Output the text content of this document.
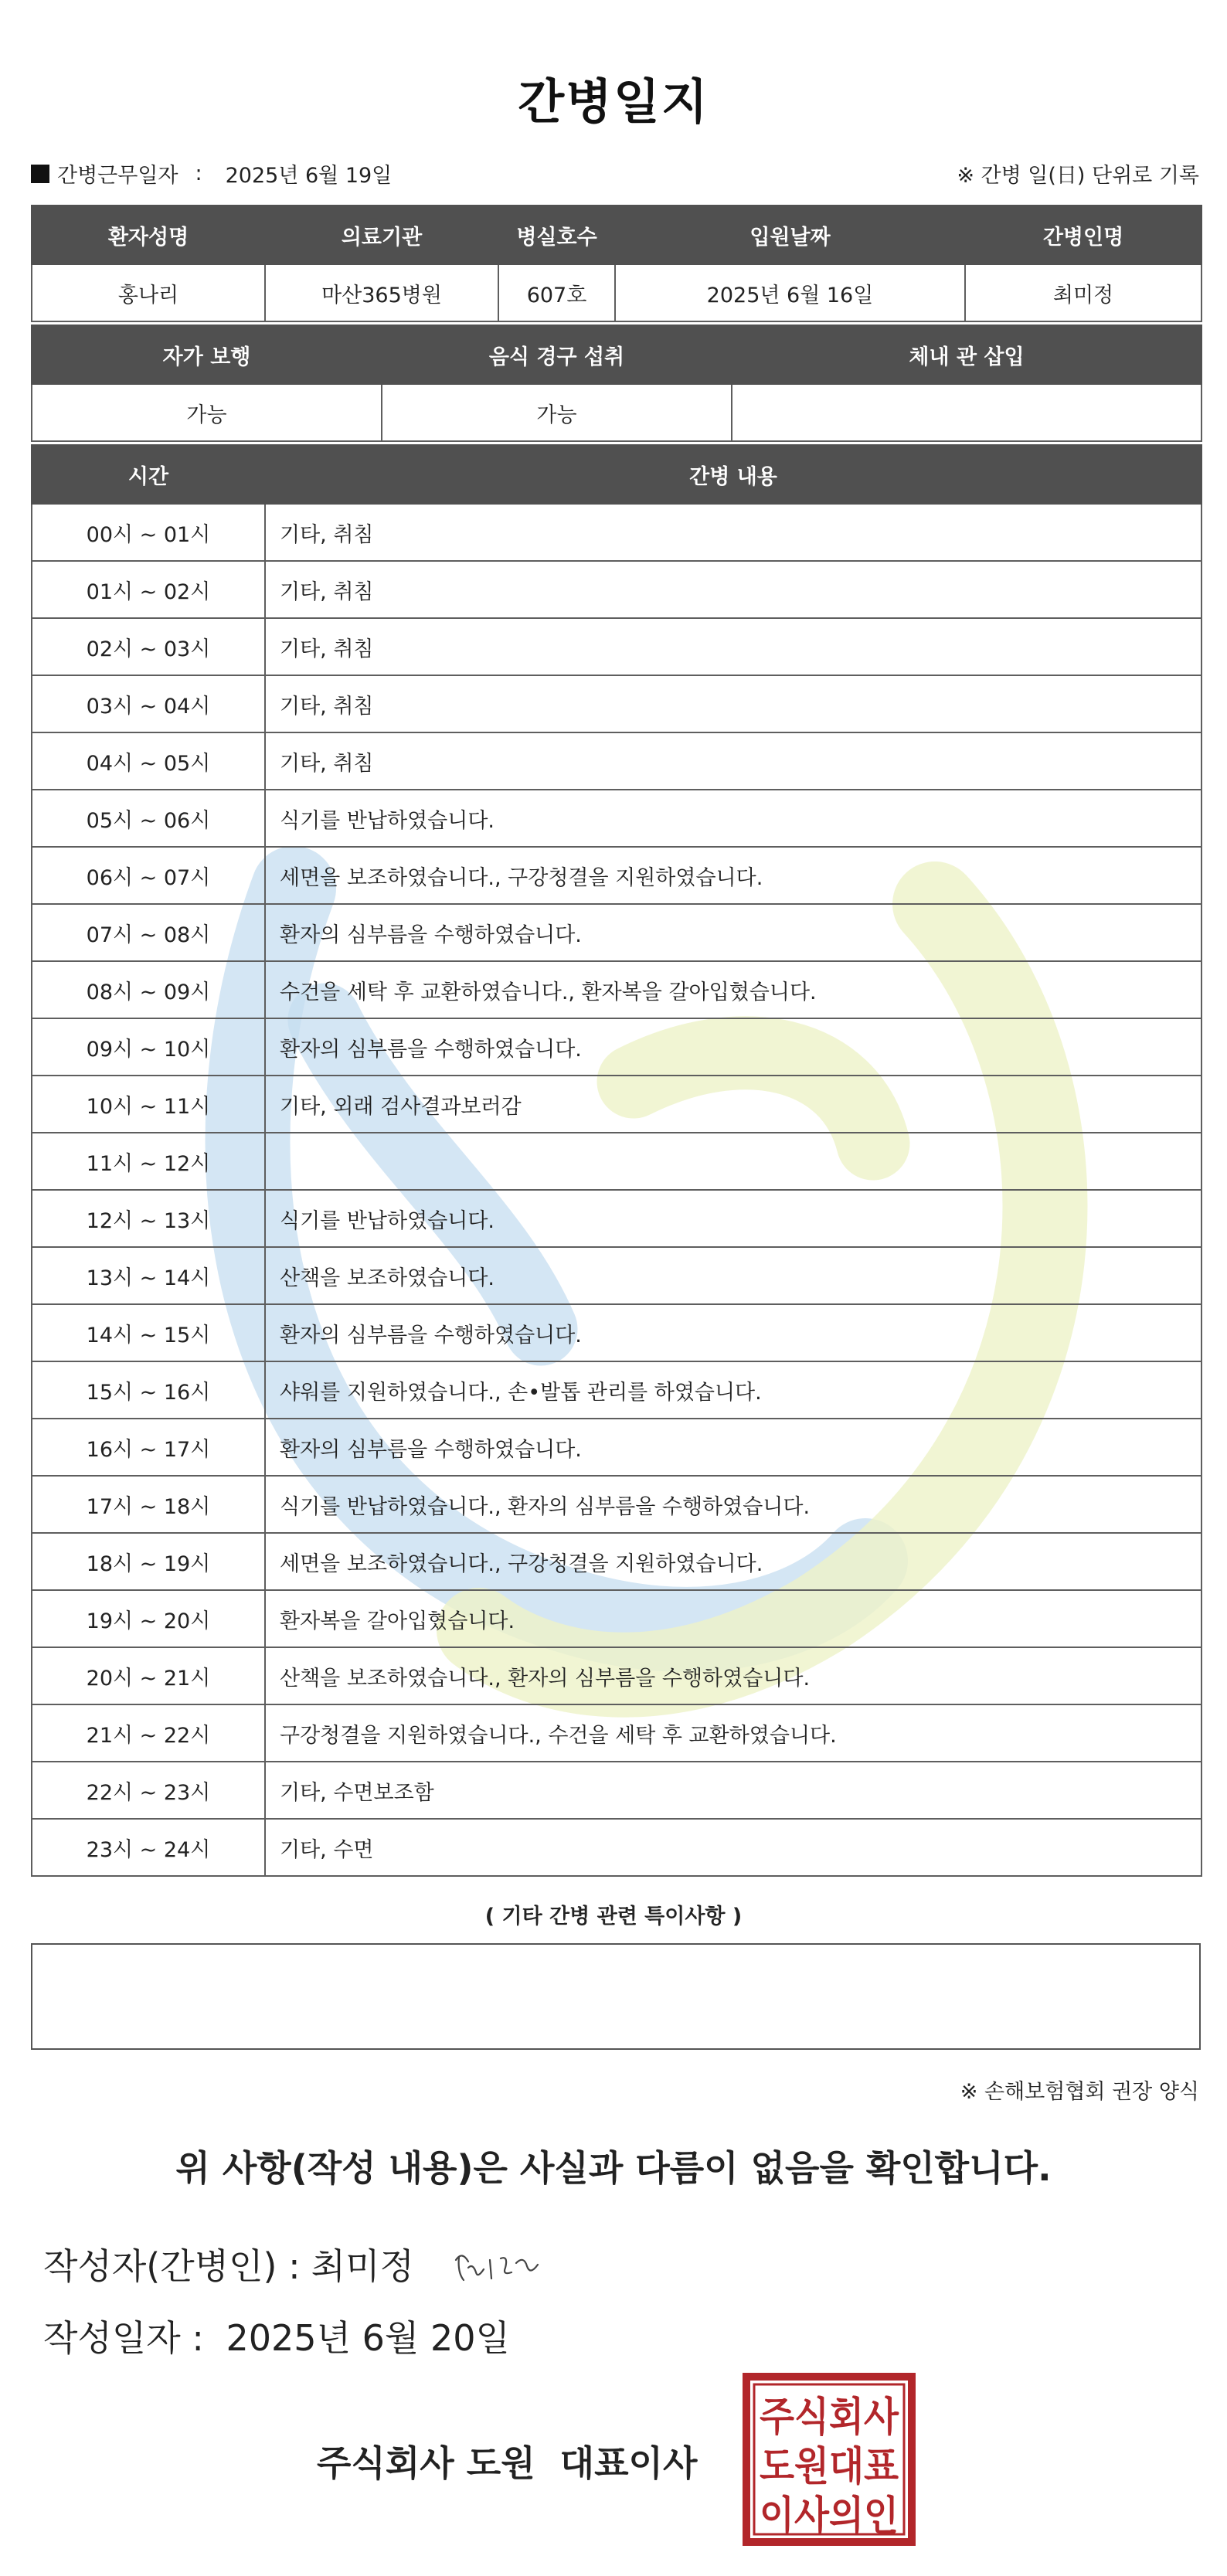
간병일지
간병근무일자 : 2025년 6월 19일	※ 간병 일(日) 단위로 기록
환자성명	의료기관	병실호수	입원날짜	간병인명
홍나리	마산365병원	607호	2025년 6월 16일	최미정
자가 보행	음식 경구 섭취	체내 관 삽입
가능	가능	
시간	간병 내용
00시 ~ 01시	기타, 취침
01시 ~ 02시	기타, 취침
02시 ~ 03시	기타, 취침
03시 ~ 04시	기타, 취침
04시 ~ 05시	기타, 취침
05시 ~ 06시	식기를 반납하였습니다.
06시 ~ 07시	세면을 보조하였습니다., 구강청결을 지원하였습니다.
07시 ~ 08시	환자의 심부름을 수행하였습니다.
08시 ~ 09시	수건을 세탁 후 교환하였습니다., 환자복을 갈아입혔습니다.
09시 ~ 10시	환자의 심부름을 수행하였습니다.
10시 ~ 11시	기타, 외래 검사결과보러감
11시 ~ 12시	
12시 ~ 13시	식기를 반납하였습니다.
13시 ~ 14시	산책을 보조하였습니다.
14시 ~ 15시	환자의 심부름을 수행하였습니다.
15시 ~ 16시	샤워를 지원하였습니다., 손•발톱 관리를 하였습니다.
16시 ~ 17시	환자의 심부름을 수행하였습니다.
17시 ~ 18시	식기를 반납하였습니다., 환자의 심부름을 수행하였습니다.
18시 ~ 19시	세면을 보조하였습니다., 구강청결을 지원하였습니다.
19시 ~ 20시	환자복을 갈아입혔습니다.
20시 ~ 21시	산책을 보조하였습니다., 환자의 심부름을 수행하였습니다.
21시 ~ 22시	구강청결을 지원하였습니다., 수건을 세탁 후 교환하였습니다.
22시 ~ 23시	기타, 수면보조함
23시 ~ 24시	기타, 수면
( 기타 간병 관련 특이사항 )
※ 손해보험협회 권장 양식
위 사항(작성 내용)은 사실과 다름이 없음을 확인합니다.
작성자(간병인) : 최미정
작성일자 : 2025년 6월 20일
주식회사 도원  대표이사
주식회사
도원대표
이사의인
